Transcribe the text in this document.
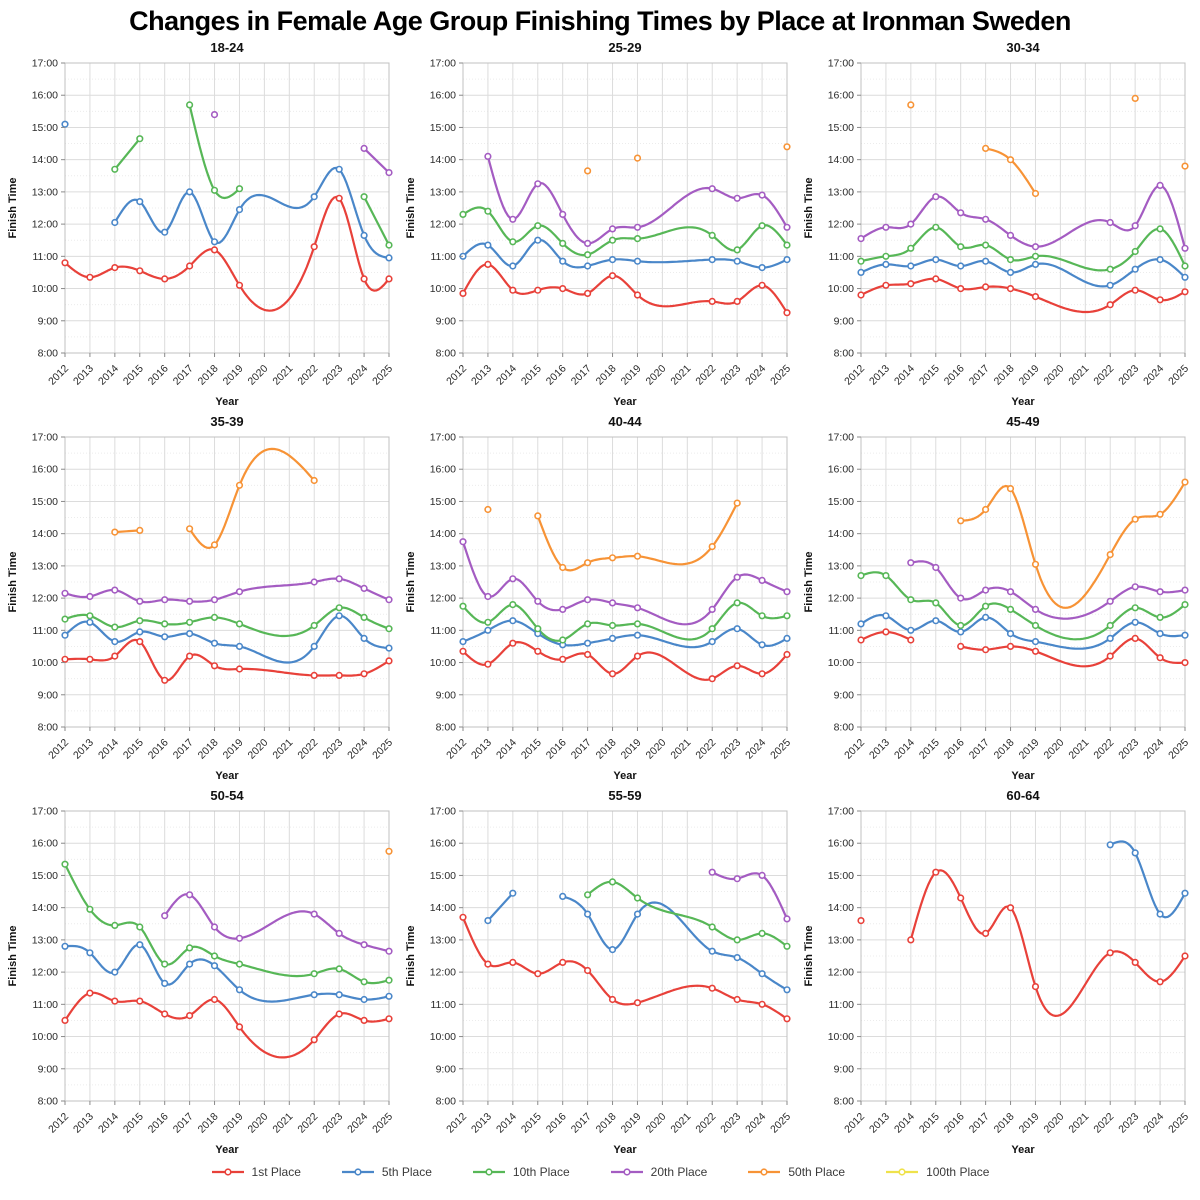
Changes in Female Age Group Finishing Times by Place at Ironman Sweden
8:00
9:00
10:00
11:00
12:00
13:00
14:00
15:00
16:00
17:00
2012 2013 2014 2015 2016 2017 2018 2019 2020 2021 2022 2023 2024 2025
18-24
Finish Time
Year
8:00
9:00
10:00
11:00
12:00
13:00
14:00
15:00
16:00
17:00
2012 2013 2014 2015 2016 2017 2018 2019 2020 2021 2022 2023 2024 2025
25-29
Finish Time
Year
8:00
9:00
10:00
11:00
12:00
13:00
14:00
15:00
16:00
17:00
2012 2013 2014 2015 2016 2017 2018 2019 2020 2021 2022 2023 2024 2025
30-34
Finish Time
Year
8:00
9:00
10:00
11:00
12:00
13:00
14:00
15:00
16:00
17:00
2012 2013 2014 2015 2016 2017 2018 2019 2020 2021 2022 2023 2024 2025
35-39
Finish Time
Year
8:00
9:00
10:00
11:00
12:00
13:00
14:00
15:00
16:00
17:00
2012 2013 2014 2015 2016 2017 2018 2019 2020 2021 2022 2023 2024 2025
40-44
Finish Time
Year
8:00
9:00
10:00
11:00
12:00
13:00
14:00
15:00
16:00
17:00
2012 2013 2014 2015 2016 2017 2018 2019 2020 2021 2022 2023 2024 2025
45-49
Finish Time
Year
8:00
9:00
10:00
11:00
12:00
13:00
14:00
15:00
16:00
17:00
2012 2013 2014 2015 2016 2017 2018 2019 2020 2021 2022 2023 2024 2025
50-54
Finish Time
Year
8:00
9:00
10:00
11:00
12:00
13:00
14:00
15:00
16:00
17:00
2012 2013 2014 2015 2016 2017 2018 2019 2020 2021 2022 2023 2024 2025
55-59
Finish Time
Year
8:00
9:00
10:00
11:00
12:00
13:00
14:00
15:00
16:00
17:00
2012 2013 2014 2015 2016 2017 2018 2019 2020 2021 2022 2023 2024 2025
60-64
Finish Time
Year
1st Place	5th Place	10th Place	20th Place	50th Place	100th Place
